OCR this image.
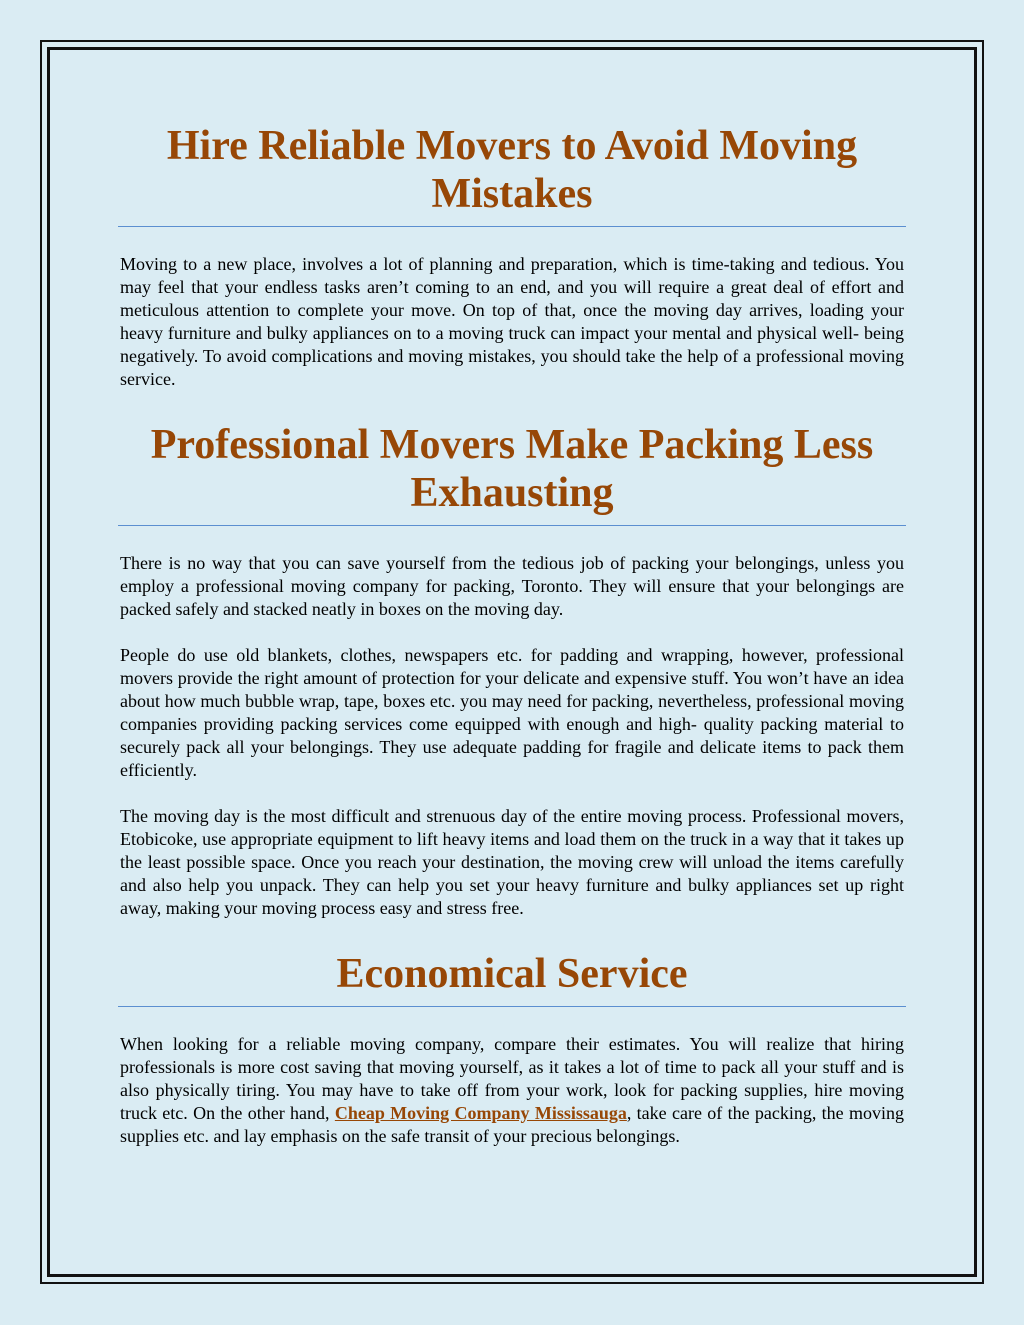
Hire Reliable Movers to Avoid Moving Mistakes

Moving to a new place, involves a lot of planning and preparation, which is time-taking and tedious. You may feel that your endless tasks aren’t coming to an end, and you will require a great deal of effort and meticulous attention to complete your move. On top of that, once the moving day arrives, loading your heavy furniture and bulky appliances on to a moving truck can impact your mental and physical well- being negatively. To avoid complications and moving mistakes, you should take the help of a professional moving service.

Professional Movers Make Packing Less Exhausting

There is no way that you can save yourself from the tedious job of packing your belongings, unless you employ a professional moving company for packing, Toronto. They will ensure that your belongings are packed safely and stacked neatly in boxes on the moving day.

People do use old blankets, clothes, newspapers etc. for padding and wrapping, however, professional movers provide the right amount of protection for your delicate and expensive stuff. You won’t have an idea about how much bubble wrap, tape, boxes etc. you may need for packing, nevertheless, professional moving companies providing packing services come equipped with enough and high- quality packing material to securely pack all your belongings. They use adequate padding for fragile and delicate items to pack them efficiently.

The moving day is the most difficult and strenuous day of the entire moving process. Professional movers, Etobicoke, use appropriate equipment to lift heavy items and load them on the truck in a way that it takes up the least possible space. Once you reach your destination, the moving crew will unload the items carefully and also help you unpack. They can help you set your heavy furniture and bulky appliances set up right away, making your moving process easy and stress free.

Economical Service

When looking for a reliable moving company, compare their estimates. You will realize that hiring professionals is more cost saving that moving yourself, as it takes a lot of time to pack all your stuff and is also physically tiring. You may have to take off from your work, look for packing supplies, hire moving truck etc. On the other hand, Cheap Moving Company Mississauga, take care of the packing, the moving supplies etc. and lay emphasis on the safe transit of your precious belongings.
